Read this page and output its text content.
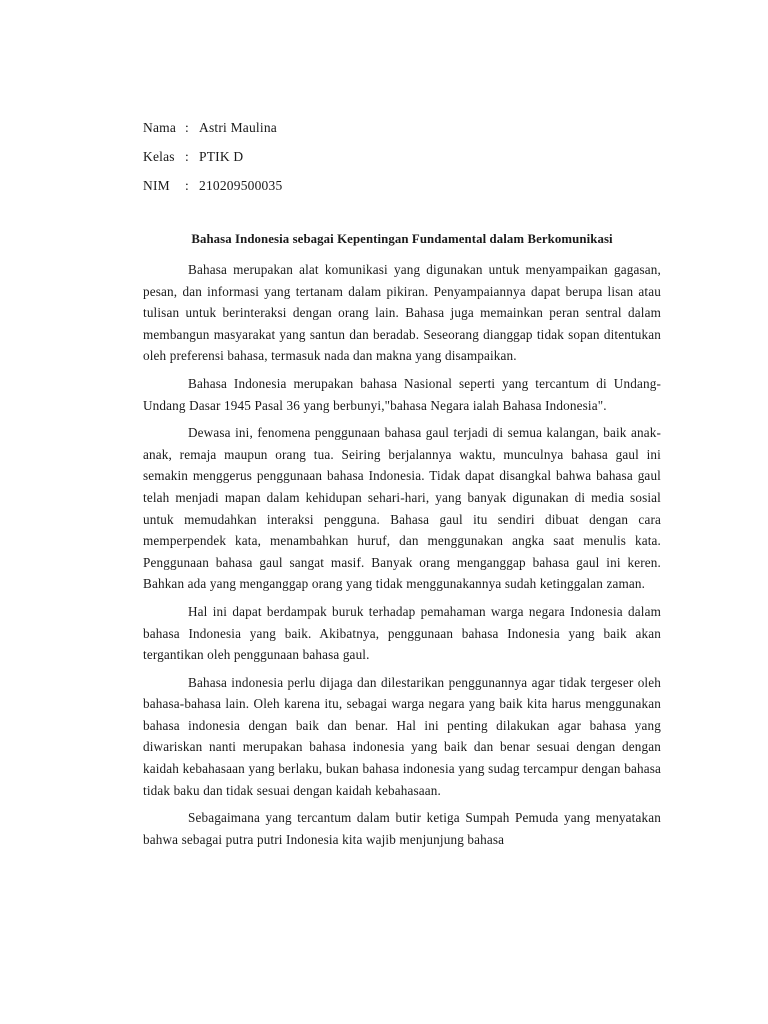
Nama : Astri Maulina
Kelas : PTIK D
NIM	: 210209500035
Bahasa Indonesia sebagai Kepentingan Fundamental dalam Berkomunikasi

Bahasa merupakan alat komunikasi yang digunakan untuk menyampaikan gagasan, pesan, dan informasi yang tertanam dalam pikiran. Penyampaiannya dapat berupa lisan atau tulisan untuk berinteraksi dengan orang lain. Bahasa juga memainkan peran sentral dalam membangun masyarakat yang santun dan beradab. Seseorang dianggap tidak sopan ditentukan oleh preferensi bahasa, termasuk nada dan makna yang disampaikan.

Bahasa Indonesia merupakan bahasa Nasional seperti yang tercantum di Undang-Undang Dasar 1945 Pasal 36 yang berbunyi,"bahasa Negara ialah Bahasa Indonesia".

Dewasa ini, fenomena penggunaan bahasa gaul terjadi di semua kalangan, baik anak-anak, remaja maupun orang tua. Seiring berjalannya waktu, munculnya bahasa gaul ini semakin menggerus penggunaan bahasa Indonesia. Tidak dapat disangkal bahwa bahasa gaul telah menjadi mapan dalam kehidupan sehari-hari, yang banyak digunakan di media sosial untuk memudahkan interaksi pengguna. Bahasa gaul itu sendiri dibuat dengan cara memperpendek kata, menambahkan huruf, dan menggunakan angka saat menulis kata. Penggunaan bahasa gaul sangat masif. Banyak orang menganggap bahasa gaul ini keren. Bahkan ada yang menganggap orang yang tidak menggunakannya sudah ketinggalan zaman.

Hal ini dapat berdampak buruk terhadap pemahaman warga negara Indonesia dalam bahasa Indonesia yang baik. Akibatnya, penggunaan bahasa Indonesia yang baik akan tergantikan oleh penggunaan bahasa gaul.

Bahasa indonesia perlu dijaga dan dilestarikan penggunannya agar tidak tergeser oleh bahasa-bahasa lain. Oleh karena itu, sebagai warga negara yang baik kita harus menggunakan bahasa indonesia dengan baik dan benar. Hal ini penting dilakukan agar bahasa yang diwariskan nanti merupakan bahasa indonesia yang baik dan benar sesuai dengan dengan kaidah kebahasaan yang berlaku, bukan bahasa indonesia yang sudag tercampur dengan bahasa tidak baku dan tidak sesuai dengan kaidah kebahasaan.

Sebagaimana yang tercantum dalam butir ketiga Sumpah Pemuda yang menyatakan bahwa sebagai putra putri Indonesia kita wajib menjunjung bahasa
